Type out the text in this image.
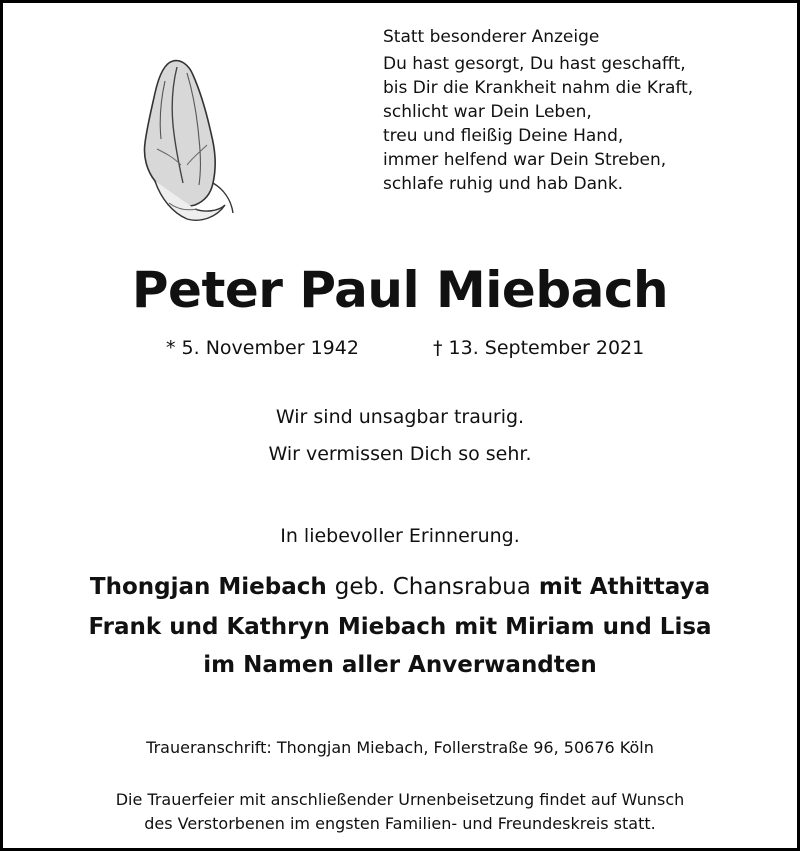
Statt besonderer Anzeige
Du hast gesorgt, Du hast geschafft,
bis Dir die Krankheit nahm die Kraft,
schlicht war Dein Leben,
treu und fleißig Deine Hand,
immer helfend war Dein Streben,
schlafe ruhig und hab Dank.
Peter Paul Miebach
* 5. November 1942	† 13. September 2021
Wir sind unsagbar traurig.
Wir vermissen Dich so sehr.
In liebevoller Erinnerung.
Thongjan Miebach geb. Chansrabua mit Athittaya
Frank und Kathryn Miebach mit Miriam und Lisa
im Namen aller Anverwandten
Traueranschrift: Thongjan Miebach, Follerstraße 96, 50676 Köln
Die Trauerfeier mit anschließender Urnenbeisetzung findet auf Wunsch
des Verstorbenen im engsten Familien- und Freundeskreis statt.
